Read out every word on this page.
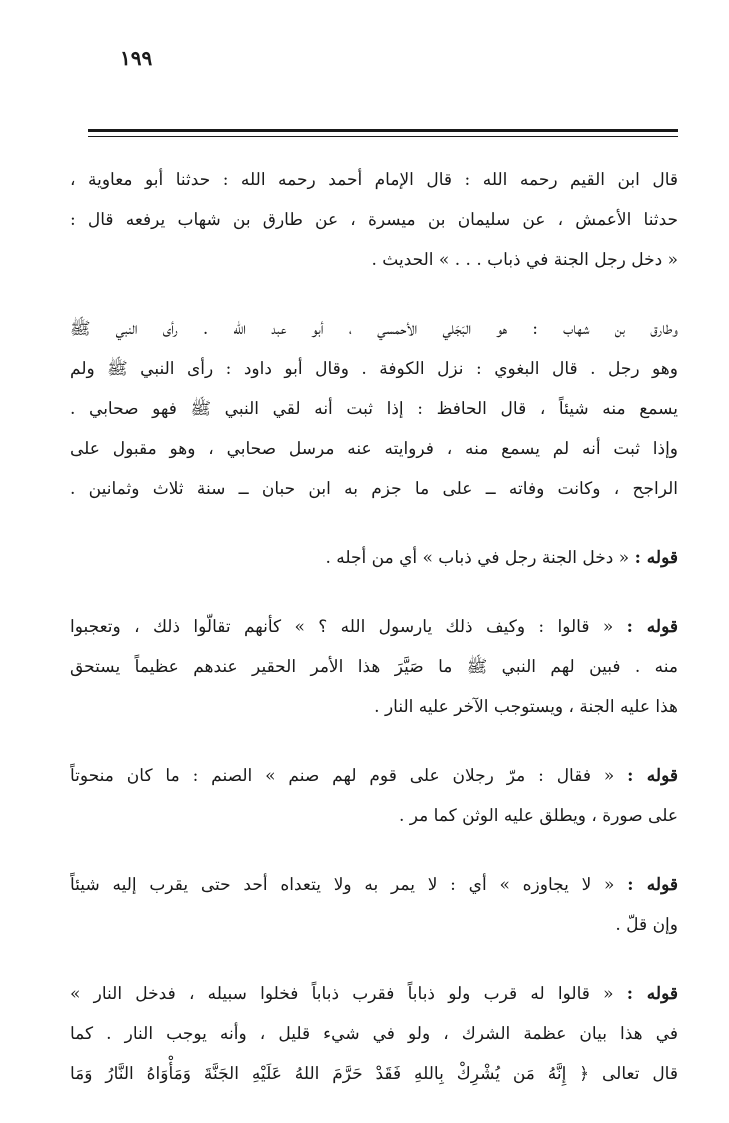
١٩٩
قال ابن القيم رحمه الله : قال الإمام أحمد رحمه الله : حدثنا أبو معاوية ،
حدثنا الأعمش ، عن سليمان بن ميسرة ، عن طارق بن شهاب يرفعه قال :
« دخل رجل الجنة في ذباب . . . » الحديث .
وطارق بن شهاب : هو البَجَلي الأحمسي ، أبو عبد الله . رأى النبي ﷺ
وهو رجل . قال البغوي : نزل الكوفة . وقال أبو داود : رأى النبي ﷺ ولم
يسمع منه شيئاً ، قال الحافظ : إذا ثبت أنه لقي النبي ﷺ فهو صحابي .
وإذا ثبت أنه لم يسمع منه ، فروايته عنه مرسل صحابي ، وهو مقبول على
الراجح ، وكانت وفاته ــ على ما جزم به ابن حبان ــ سنة ثلاث وثمانين .
قوله : « دخل الجنة رجل في ذباب » أي من أجله .
قوله : « قالوا : وكيف ذلك يارسول الله ؟ » كأنهم تقالّوا ذلك ، وتعجبوا
منه . فبين لهم النبي ﷺ ما صَيَّرَ هذا الأمر الحقير عندهم عظيماً يستحق
هذا عليه الجنة ، ويستوجب الآخر عليه النار .
قوله : « فقال : مرّ رجلان على قوم لهم صنم » الصنم : ما كان منحوتاً
على صورة ، ويطلق عليه الوثن كما مر .
قوله : « لا يجاوزه » أي : لا يمر به ولا يتعداه أحد حتى يقرب إليه شيئاً
وإن قلّ .
قوله : « قالوا له قرب ولو ذباباً فقرب ذباباً فخلوا سبيله ، فدخل النار »
في هذا بيان عظمة الشرك ، ولو في شيء قليل ، وأنه يوجب النار . كما
قال تعالى ﴿ إِنَّهُ مَن يُشْرِكْ بِاللهِ فَقَدْ حَرَّمَ اللهُ عَلَيْهِ الجَنَّةَ وَمَأْوَاهُ النَّارُ وَمَا
